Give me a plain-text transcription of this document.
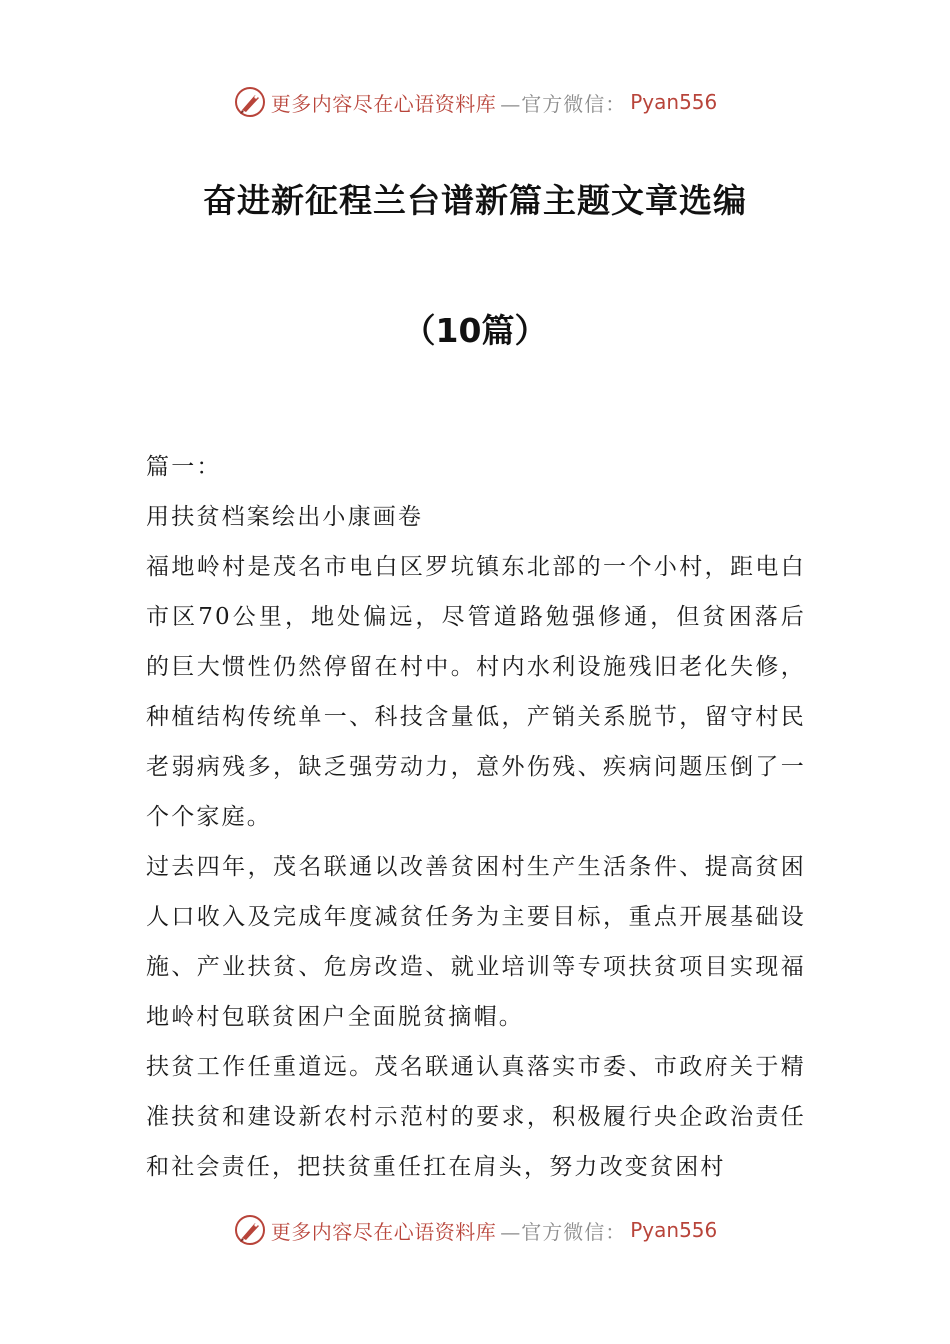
更多内容尽在心语资料库 —官方微信： Pyan556
奋进新征程兰台谱新篇主题文章选编
（10篇）

篇一：

用扶贫档案绘出小康画卷

福地岭村是茂名市电白区罗坑镇东北部的一个小村，距电白市区70公里，地处偏远，尽管道路勉强修通，但贫困落后的巨大惯性仍然停留在村中。村内水利设施残旧老化失修，种植结构传统单一、科技含量低，产销关系脱节，留守村民老弱病残多，缺乏强劳动力，意外伤残、疾病问题压倒了一个个家庭。

过去四年，茂名联通以改善贫困村生产生活条件、提高贫困人口收入及完成年度减贫任务为主要目标，重点开展基础设施、产业扶贫、危房改造、就业培训等专项扶贫项目实现福地岭村包联贫困户全面脱贫摘帽。

扶贫工作任重道远。茂名联通认真落实市委、市政府关于精准扶贫和建设新农村示范村的要求，积极履行央企政治责任和社会责任，把扶贫重任扛在肩头，努力改变贫困村

更多内容尽在心语资料库 —官方微信： Pyan556
